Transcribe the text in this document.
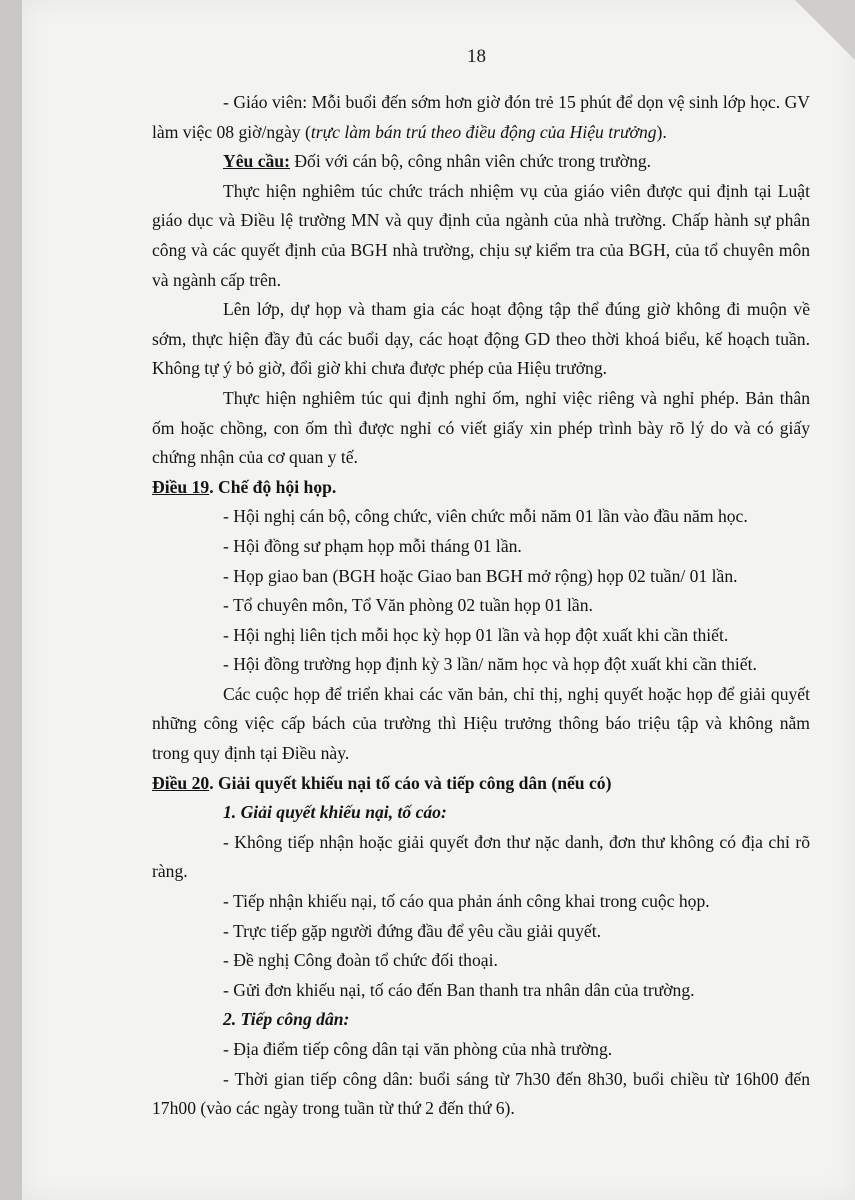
18

- Giáo viên: Mỗi buổi đến sớm hơn giờ đón trẻ 15 phút để dọn vệ sinh lớp học. GV làm việc 08 giờ/ngày (trực làm bán trú theo điều động của Hiệu trưởng).

Yêu cầu: Đối với cán bộ, công nhân viên chức trong trường.

Thực hiện nghiêm túc chức trách nhiệm vụ của giáo viên được qui định tại Luật giáo dục và Điều lệ trường MN và quy định của ngành của nhà trường. Chấp hành sự phân công và các quyết định của BGH nhà trường, chịu sự kiểm tra của BGH, của tổ chuyên môn và ngành cấp trên.

Lên lớp, dự họp và tham gia các hoạt động tập thể đúng giờ không đi muộn về sớm, thực hiện đầy đủ các buổi dạy, các hoạt động GD theo thời khoá biểu, kế hoạch tuần. Không tự ý bỏ giờ, đổi giờ khi chưa được phép của Hiệu trưởng.

Thực hiện nghiêm túc qui định nghỉ ốm, nghỉ việc riêng và nghỉ phép. Bản thân ốm hoặc chồng, con ốm thì được nghỉ có viết giấy xin phép trình bày rõ lý do và có giấy chứng nhận của cơ quan y tế.

Điều 19. Chế độ hội họp.

- Hội nghị cán bộ, công chức, viên chức mỗi năm 01 lần vào đầu năm học.

- Hội đồng sư phạm họp mỗi tháng 01 lần.

- Họp giao ban (BGH hoặc Giao ban BGH mở rộng) họp 02 tuần/ 01 lần.

- Tổ chuyên môn, Tổ Văn phòng 02 tuần họp 01 lần.

- Hội nghị liên tịch mỗi học kỳ họp 01 lần và họp đột xuất khi cần thiết.

- Hội đồng trường họp định kỳ 3 lần/ năm học và họp đột xuất khi cần thiết.

Các cuộc họp để triển khai các văn bản, chỉ thị, nghị quyết hoặc họp để giải quyết những công việc cấp bách của trường thì Hiệu trưởng thông báo triệu tập và không nằm trong quy định tại Điều này.

Điều 20. Giải quyết khiếu nại tố cáo và tiếp công dân (nếu có)

1. Giải quyết khiếu nại, tố cáo:

- Không tiếp nhận hoặc giải quyết đơn thư nặc danh, đơn thư không có địa chỉ rõ ràng.

- Tiếp nhận khiếu nại, tố cáo qua phản ánh công khai trong cuộc họp.

- Trực tiếp gặp người đứng đầu để yêu cầu giải quyết.

- Đề nghị Công đoàn tổ chức đối thoại.

- Gửi đơn khiếu nại, tố cáo đến Ban thanh tra nhân dân của trường.

2. Tiếp công dân:

- Địa điểm tiếp công dân tại văn phòng của nhà trường.

- Thời gian tiếp công dân: buổi sáng từ 7h30 đến 8h30, buổi chiều từ 16h00 đến 17h00 (vào các ngày trong tuần từ thứ 2 đến thứ 6).
